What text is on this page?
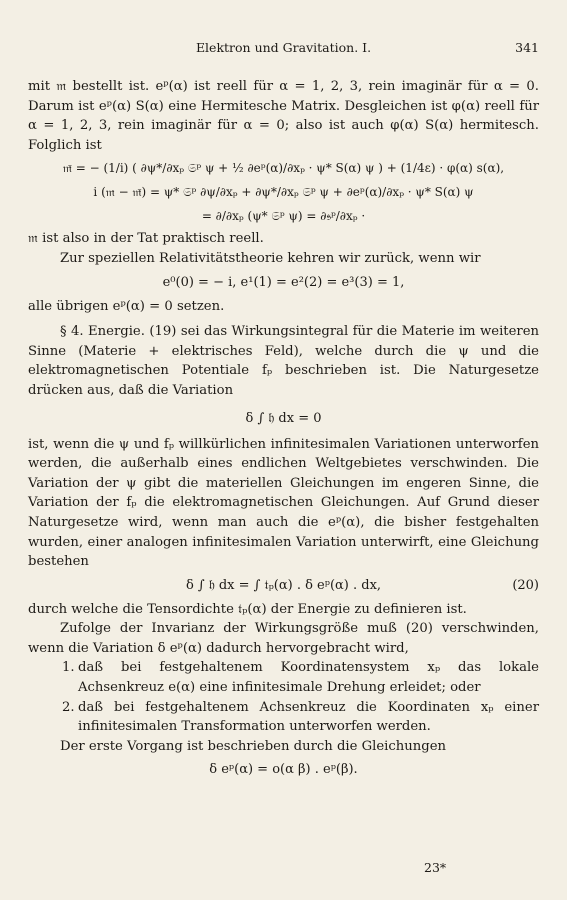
Elektron und Gravitation. I.	341

mit 𝔪 bestellt ist. eᵖ(α) ist reell für α = 1, 2, 3, rein imaginär für α = 0. Darum ist eᵖ(α) S(α) eine Hermitesche Matrix. Desgleichen ist φ(α) reell für α = 1, 2, 3, rein imaginär für α = 0; also ist auch φ(α) S(α) hermitesch. Folglich ist

𝔪̄ = − (1/i) ( ∂ψ*/∂xₚ 𝔖ᵖ ψ + ½ ∂eᵖ(α)/∂xₚ · ψ* S(α) ψ ) + (1/4ε) · φ(α) s(α),
i (𝔪 − 𝔪̄) = ψ* 𝔖ᵖ ∂ψ/∂xₚ + ∂ψ*/∂xₚ 𝔖ᵖ ψ + ∂eᵖ(α)/∂xₚ · ψ* S(α) ψ
= ∂/∂xₚ (ψ* 𝔖ᵖ ψ) = ∂𝔰ᵖ/∂xₚ ·

𝔪 ist also in der Tat praktisch reell.

Zur speziellen Relativitätstheorie kehren wir zurück, wenn wir

e⁰(0) = − i, e¹(1) = e²(2) = e³(3) = 1,

alle übrigen eᵖ(α) = 0 setzen.

§ 4. Energie. (19) sei das Wirkungsintegral für die Materie im weiteren Sinne (Materie + elektrisches Feld), welche durch die ψ und die elektromagnetischen Potentiale fₚ beschrieben ist. Die Naturgesetze drücken aus, daß die Variation

δ ∫ 𝔥 dx = 0

ist, wenn die ψ und fₚ willkürlichen infinitesimalen Variationen unterworfen werden, die außerhalb eines endlichen Weltgebietes verschwinden. Die Variation der ψ gibt die materiellen Gleichungen im engeren Sinne, die Variation der fₚ die elektromagnetischen Gleichungen. Auf Grund dieser Naturgesetze wird, wenn man auch die eᵖ(α), die bisher festgehalten wurden, einer analogen infinitesimalen Variation unterwirft, eine Gleichung bestehen

δ ∫ 𝔥 dx = ∫ 𝔱ₚ(α) . δ eᵖ(α) . dx,	(20)

durch welche die Tensordichte 𝔱ₚ(α) der Energie zu definieren ist.

Zufolge der Invarianz der Wirkungsgröße muß (20) verschwinden, wenn die Variation δ eᵖ(α) dadurch hervorgebracht wird,

1. daß bei festgehaltenem Koordinatensystem xₚ das lokale Achsenkreuz e(α) eine infinitesimale Drehung erleidet; oder
2. daß bei festgehaltenem Achsenkreuz die Koordinaten xₚ einer infinitesimalen Transformation unterworfen werden.

Der erste Vorgang ist beschrieben durch die Gleichungen

δ eᵖ(α) = o(α β) . eᵖ(β).
23*
